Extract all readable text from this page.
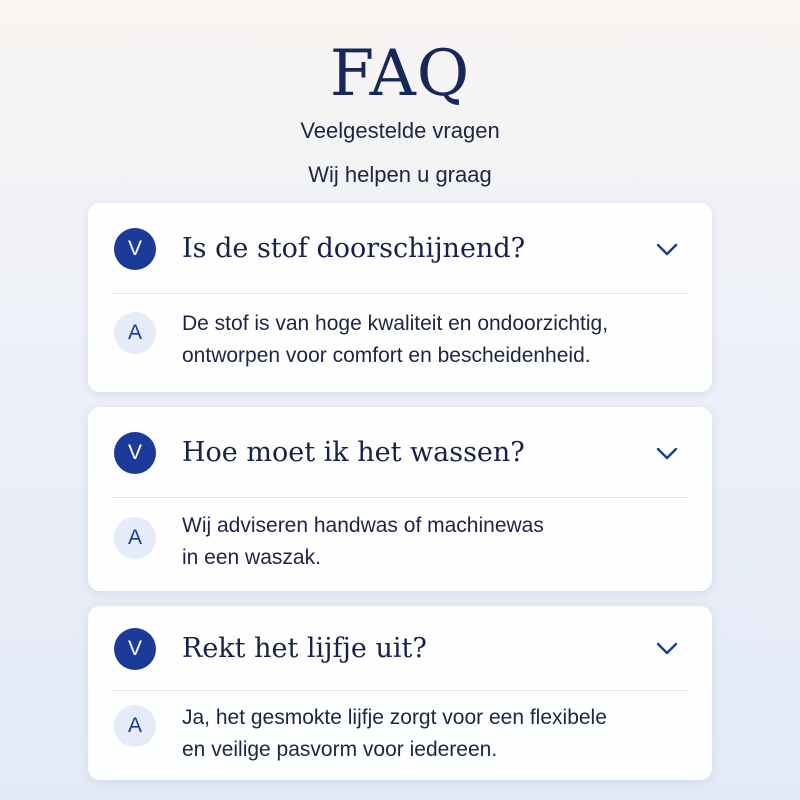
FAQ
Veelgestelde vragen
Wij helpen u graag
V	Is de stof doorschijnend?
A	De stof is van hoge kwaliteit en ondoorzichtig,
ontworpen voor comfort en bescheidenheid.
V	Hoe moet ik het wassen?
A
Wij adviseren handwas of machinewas
in een waszak.
V	Rekt het lijfje uit?
A	Ja, het gesmokte lijfje zorgt voor een flexibele
en veilige pasvorm voor iedereen.
